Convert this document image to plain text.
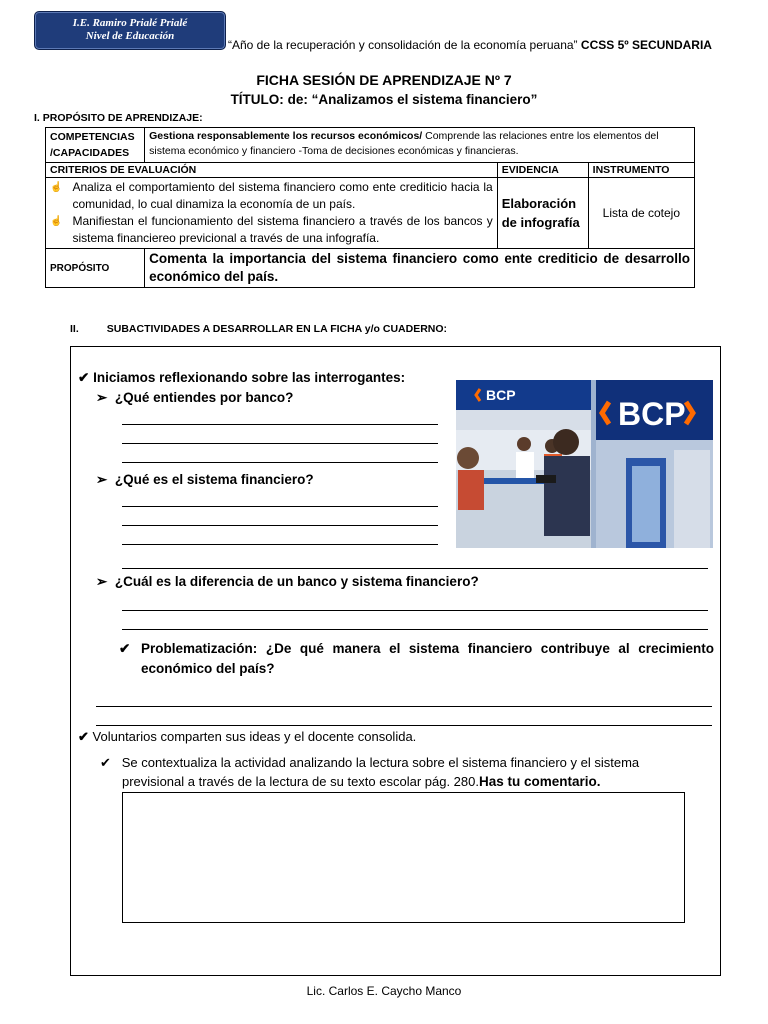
I.E. Ramiro Prialé Prialé
Nivel de Educación
“Año de la recuperación y consolidación de la economía peruana” CCSS 5º SECUNDARIA
FICHA SESIÓN DE APRENDIZAJE Nº 7
TÍTULO: de: “Analizamos el sistema financiero”
I. PROPÓSITO DE APRENDIZAJE:
COMPETENCIAS /CAPACIDADES	Gestiona responsablemente los recursos económicos/ Comprende las relaciones entre los elementos del sistema económico y financiero -Toma de decisiones económicas y financieras.		
CRITERIOS DE EVALUACIÓN		EVIDENCIA	INSTRUMENTO

☝ Analiza el comportamiento del sistema financiero como ente crediticio hacia la comunidad, lo cual dinamiza la economía de un país.
☝ Manifiestan el funcionamiento del sistema financiero a través de los bancos y sistema financiereo previcional a través de una infografía.		Elaboración de infografía	Lista de cotejo
PROPÓSITO	Comenta la importancia del sistema financiero como ente crediticio de desarrollo económico del país.		
II.	SUBACTIVIDADES A DESARROLLAR EN LA FICHA y/o CUADERNO:
✔ Iniciamos reflexionando sobre las interrogantes:
➢ ¿Qué entiendes por banco?
➢ ¿Qué es el sistema financiero?
BCP
BCP
➢ ¿Cuál es la diferencia de un banco y sistema financiero?
✔ Problematización: ¿De qué manera el sistema financiero contribuye al crecimiento económico del país?
✔ Voluntarios comparten sus ideas y el docente consolida.
✔ Se contextualiza la actividad analizando la lectura sobre el sistema financiero y el sistema
previsional a través de la lectura de su texto escolar pág. 280.Has tu comentario.
Lic. Carlos E. Caycho Manco
